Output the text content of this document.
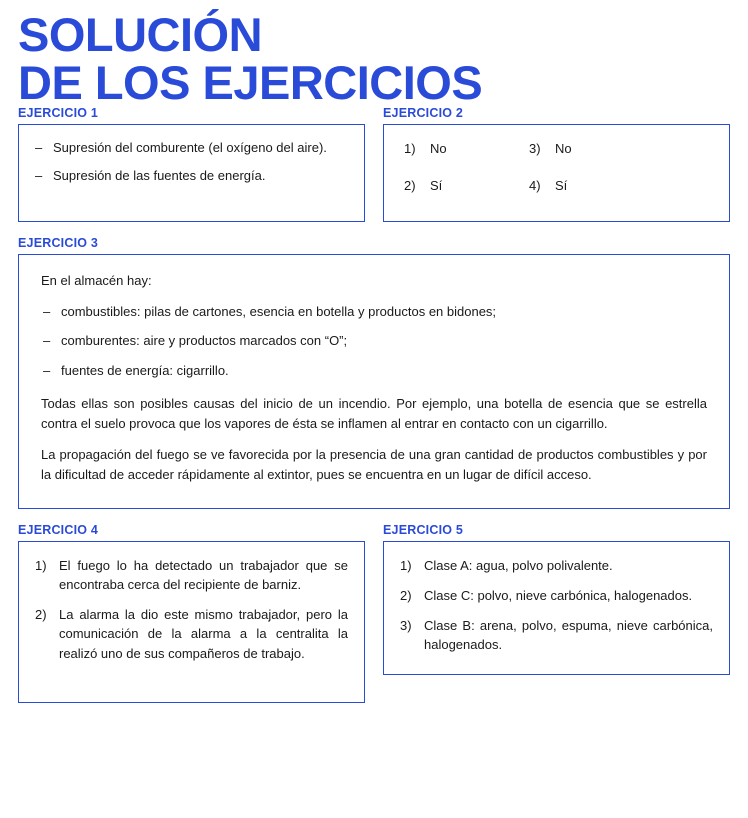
SOLUCIÓN
DE LOS EJERCICIOS
EJERCICIO 1
– Supresión del comburente (el oxígeno del aire).
– Supresión de las fuentes de energía.
EJERCICIO 2
1)	No	3)	No
2)	Sí	4)	Sí
EJERCICIO 3

En el almacén hay:

– combustibles: pilas de cartones, esencia en botella y productos en bidones;
– comburentes: aire y productos marcados con “O”;
– fuentes de energía: cigarrillo.

Todas ellas son posibles causas del inicio de un incendio. Por ejemplo, una botella de esencia que se estrella contra el suelo provoca que los vapores de ésta se inflamen al entrar en contacto con un cigarrillo.

La propagación del fuego se ve favorecida por la presencia de una gran cantidad de productos combustibles y por la dificultad de acceder rápidamente al extintor, pues se encuentra en un lugar de difícil acceso.

EJERCICIO 4
1) El fuego lo ha detectado un trabajador que se encontraba cerca del recipiente de barniz.
2) La alarma la dio este mismo trabajador, pero la comunicación de la alarma a la centralita la realizó uno de sus compañeros de trabajo.
EJERCICIO 5
1) Clase A: agua, polvo polivalente.
2) Clase C: polvo, nieve carbónica, halogenados.
3) Clase B: arena, polvo, espuma, nieve carbónica, halogenados.
